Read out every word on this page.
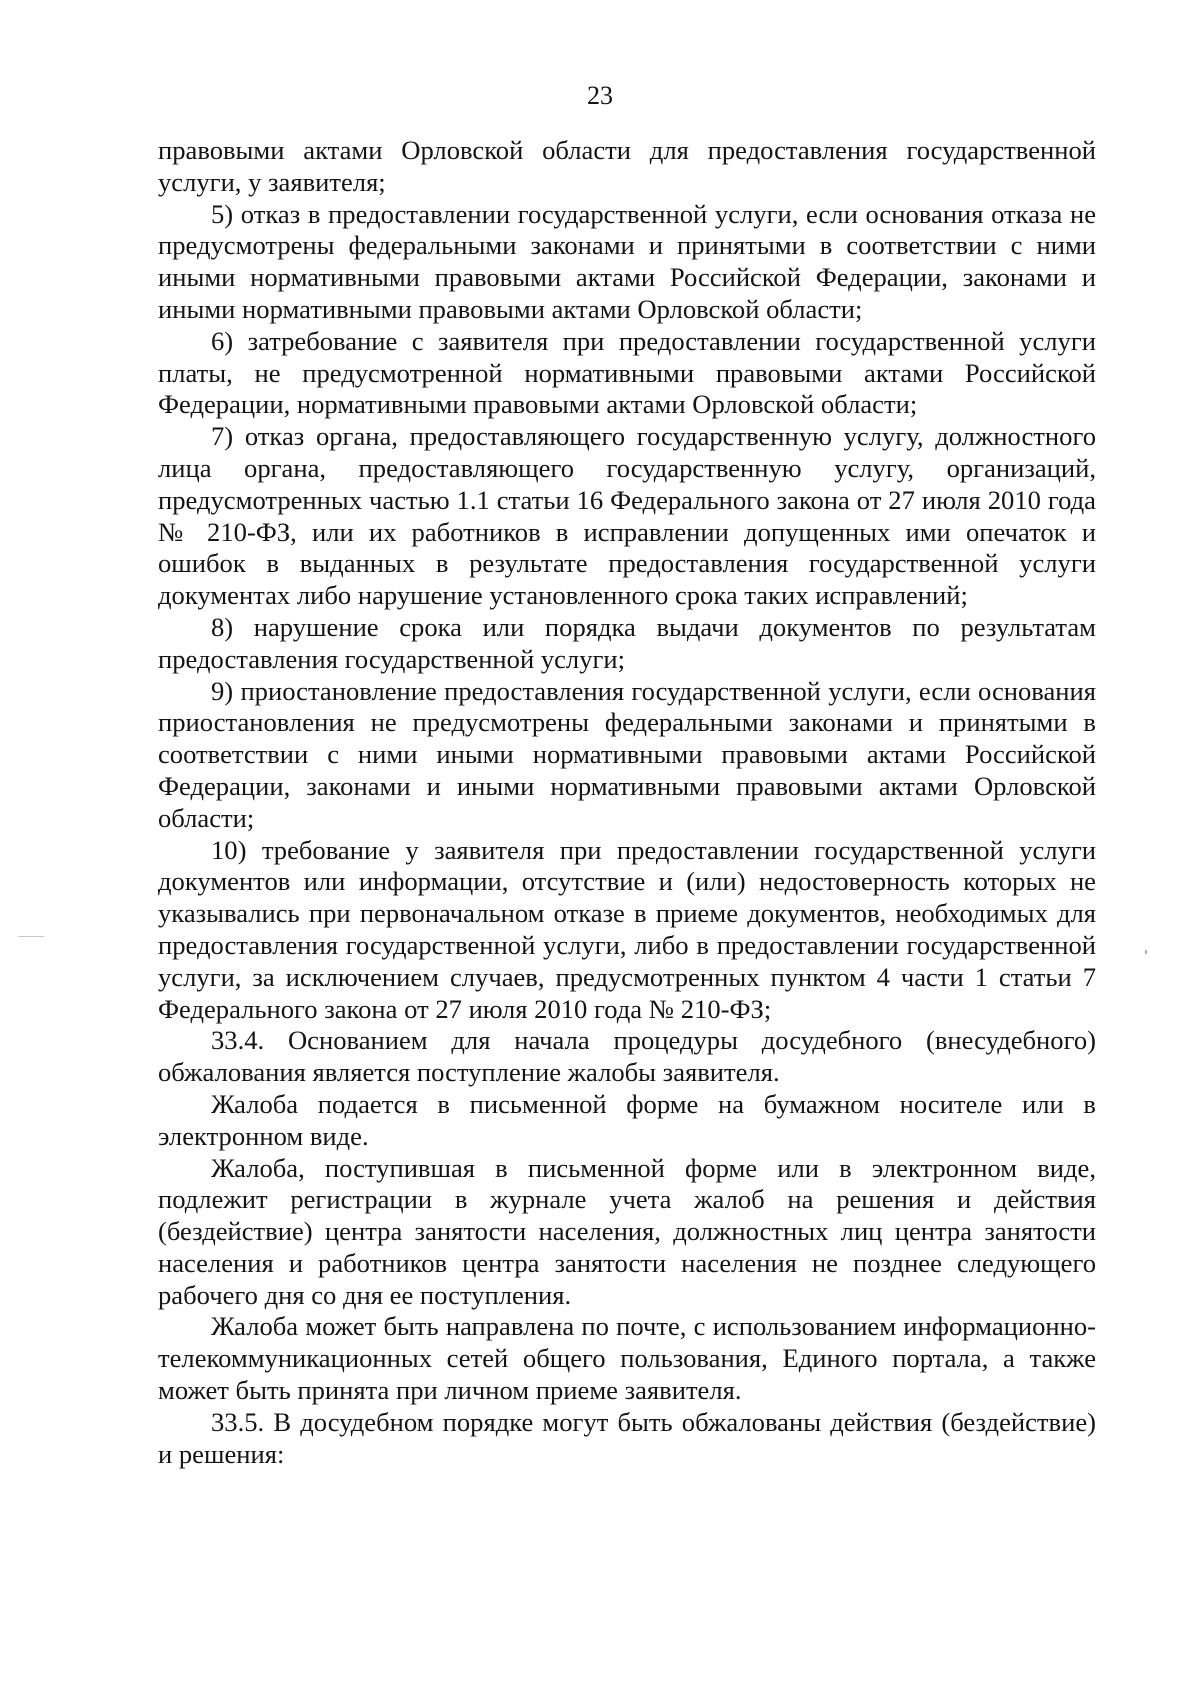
23

правовыми актами Орловской области для предоставления государственной услуги, у заявителя;

5) отказ в предоставлении государственной услуги, если основания отказа не предусмотрены федеральными законами и принятыми в соответствии с ними иными нормативными правовыми актами Российской Федерации, законами и иными нормативными правовыми актами Орловской области;

6) затребование с заявителя при предоставлении государственной услуги платы, не предусмотренной нормативными правовыми актами Российской Федерации, нормативными правовыми актами Орловской области;

7) отказ органа, предоставляющего государственную услугу, должностного лица органа, предоставляющего государственную услугу, организаций, предусмотренных частью 1.1 статьи 16 Федерального закона от 27 июля 2010 года № 210-ФЗ, или их работников в исправлении допущенных ими опечаток и ошибок в выданных в результате предоставления государственной услуги документах либо нарушение установленного срока таких исправлений;

8) нарушение срока или порядка выдачи документов по результатам предоставления государственной услуги;

9) приостановление предоставления государственной услуги, если основания приостановления не предусмотрены федеральными законами и принятыми в соответствии с ними иными нормативными правовыми актами Российской Федерации, законами и иными нормативными правовыми актами Орловской области;

10) требование у заявителя при предоставлении государственной услуги документов или информации, отсутствие и (или) недостоверность которых не указывались при первоначальном отказе в приеме документов, необходимых для предоставления государственной услуги, либо в предоставлении государственной услуги, за исключением случаев, предусмотренных пунктом 4 части 1 статьи 7 Федерального закона от 27 июля 2010 года № 210-ФЗ;

33.4. Основанием для начала процедуры досудебного (внесудебного) обжалования является поступление жалобы заявителя.

Жалоба подается в письменной форме на бумажном носителе или в электронном виде.

Жалоба, поступившая в письменной форме или в электронном виде, подлежит регистрации в журнале учета жалоб на решения и действия (бездействие) центра занятости населения, должностных лиц центра занятости населения и работников центра занятости населения не позднее следующего рабочего дня со дня ее поступления.

Жалоба может быть направлена по почте, с использованием информационно-телекоммуникационных сетей общего пользования, Единого портала, а также может быть принята при личном приеме заявителя.

33.5. В досудебном порядке могут быть обжалованы действия (бездействие) и решения:
